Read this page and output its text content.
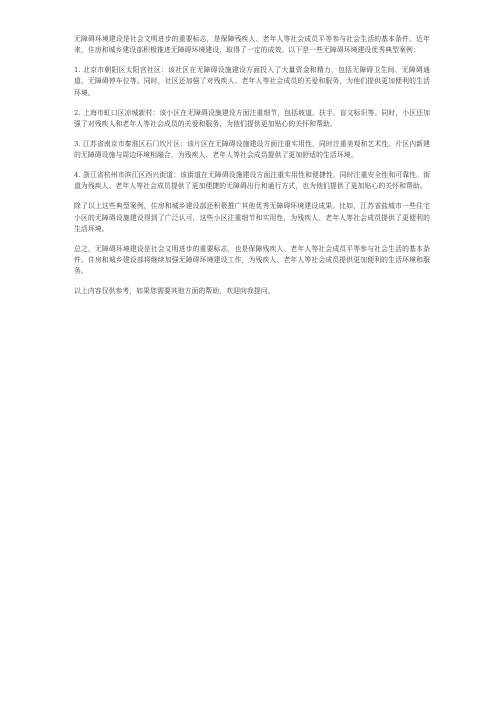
无障碍环境建设是社会文明进步的重要标志，是保障残疾人、老年人等社会成员平等参与社会生活的基本条件。近年来，住房和城乡建设部积极推进无障碍环境建设，取得了一定的成效。以下是一些无障碍环境建设优秀典型案例：

1. 北京市朝阳区太阳宫社区：该社区在无障碍设施建设方面投入了大量资金和精力，包括无障碍卫生间、无障碍通道、无障碍停车位等。同时，社区还加强了对残疾人、老年人等社会成员的关爱和服务，为他们提供更加便利的生活环境。

2. 上海市虹口区凉城新村：该小区在无障碍设施建设方面注重细节，包括坡道、扶手、盲文标识等。同时，小区还加强了对残疾人和老年人等社会成员的关爱和服务，为他们提供更加贴心的关怀和帮助。

3. 江苏省南京市秦淮区石门坎片区：该片区在无障碍设施建设方面注重实用性，同时注重美观和艺术性。片区内新建的无障碍设施与周边环境相融合，为残疾人、老年人等社会成员提供了更加舒适的生活环境。

4. 浙江省杭州市滨江区西兴街道：该街道在无障碍设施建设方面注重实用性和便捷性，同时注重安全性和可靠性。街道为残疾人、老年人等社会成员提供了更加便捷的无障碍出行和通行方式，也为他们提供了更加贴心的关怀和帮助。

除了以上这些典型案例，住房和城乡建设部还积极推广其他优秀无障碍环境建设成果。比如，江苏省盐城市一些住宅小区的无障碍设施建设得到了广泛认可，这些小区注重细节和实用性，为残疾人、老年人等社会成员提供了更便利的生活环境。

总之，无障碍环境建设是社会文明进步的重要标志，也是保障残疾人、老年人等社会成员平等参与社会生活的基本条件。住房和城乡建设部将继续加强无障碍环境建设工作，为残疾人、老年人等社会成员提供更加便利的生活环境和服务。

以上内容仅供参考，如果您需要其他方面的帮助，欢迎向我提问。
